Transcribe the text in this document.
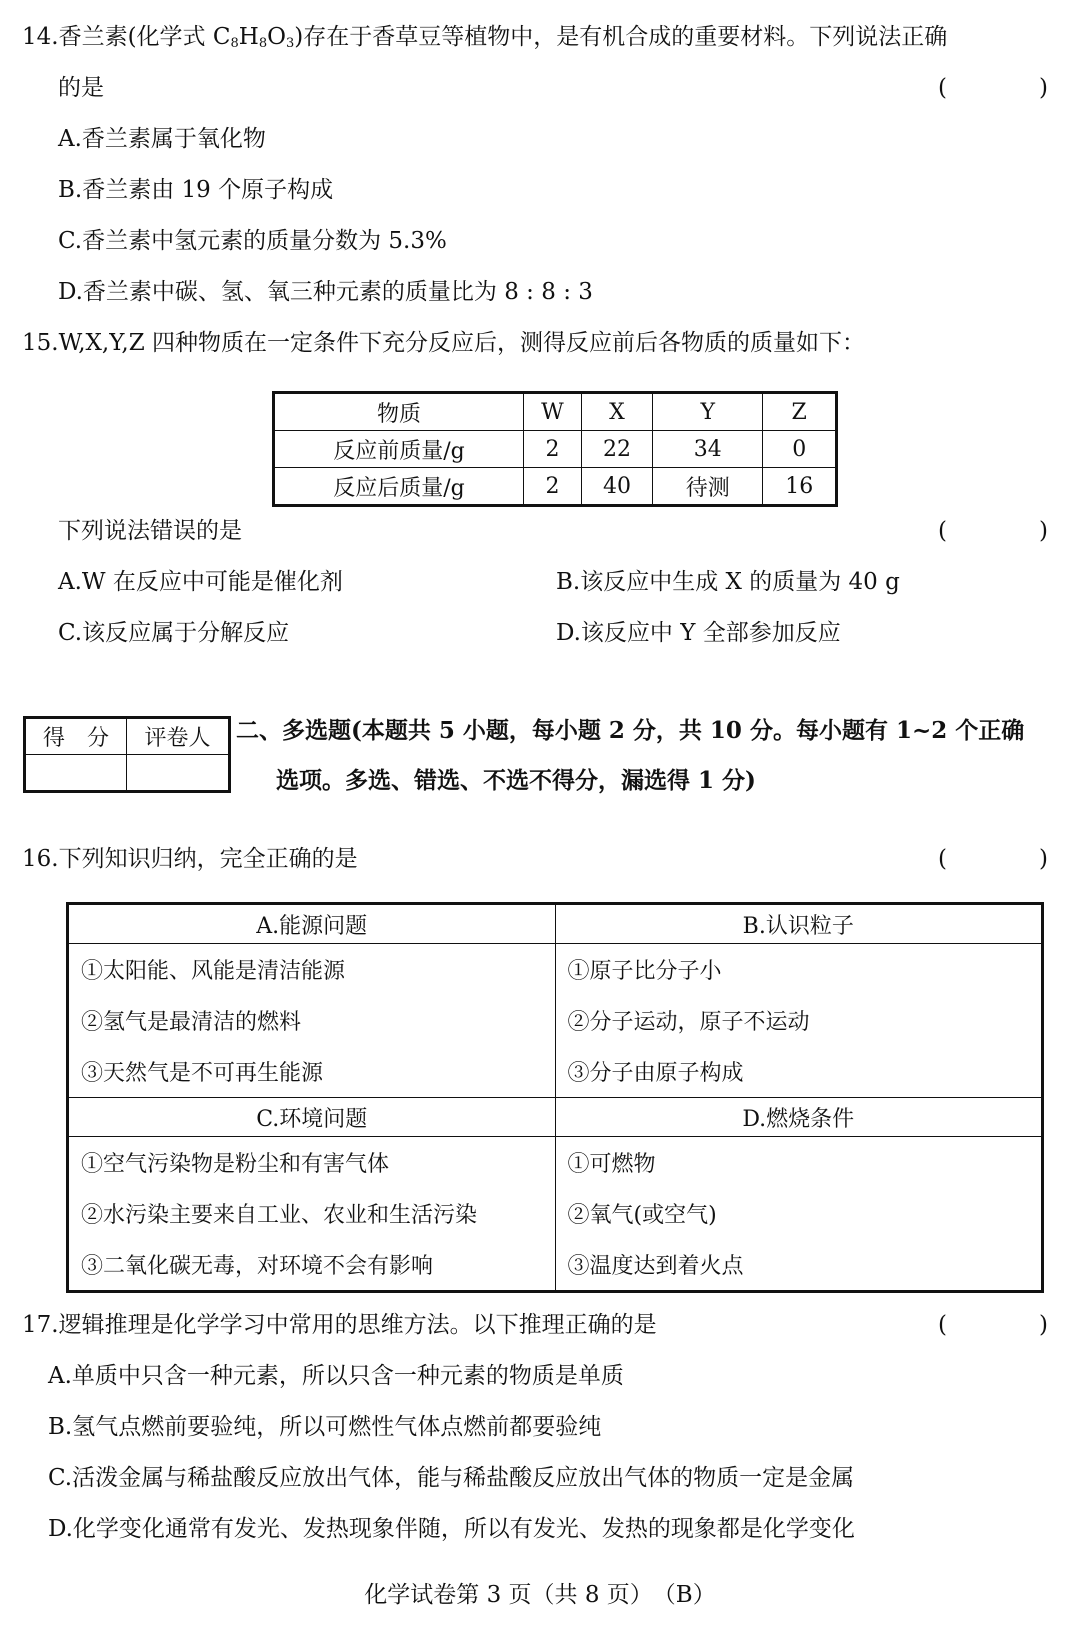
14.香兰素(化学式 $C_8H_8O_3$)存在于香草豆等植物中，是有机合成的重要材料。下列说法正确
的是	(	)
A.香兰素属于氧化物
B.香兰素由 19 个原子构成
C.香兰素中氢元素的质量分数为 5.3%
D.香兰素中碳、氢、氧三种元素的质量比为 8 : 8 : 3
15.W,X,Y,Z 四种物质在一定条件下充分反应后，测得反应前后各物质的质量如下：
物质	W	X	Y	Z
反应前质量/g	2	22	34	0
反应后质量/g	2	40	待测	16
下列说法错误的是	(	)
A.W 在反应中可能是催化剂	B.该反应中生成 X 的质量为 40 g
C.该反应属于分解反应	D.该反应中 Y 全部参加反应
得　分	评卷人
	二、多选题(本题共 5 小题，每小题 2 分，共 10 分。每小题有 1~2 个正确
选项。多选、错选、不选不得分，漏选得 1 分)
16.下列知识归纳，完全正确的是	(	)
A.能源问题	B.认识粒子
①太阳能、风能是清洁能源	①原子比分子小
②氢气是最清洁的燃料	②分子运动，原子不运动
③天然气是不可再生能源	③分子由原子构成
C.环境问题	D.燃烧条件
①空气污染物是粉尘和有害气体	①可燃物
②水污染主要来自工业、农业和生活污染	②氧气(或空气)
③二氧化碳无毒，对环境不会有影响	③温度达到着火点
17.逻辑推理是化学学习中常用的思维方法。以下推理正确的是	(	)
A.单质中只含一种元素，所以只含一种元素的物质是单质
B.氢气点燃前要验纯，所以可燃性气体点燃前都要验纯
C.活泼金属与稀盐酸反应放出气体，能与稀盐酸反应放出气体的物质一定是金属
D.化学变化通常有发光、发热现象伴随，所以有发光、发热的现象都是化学变化
化学试卷第 3 页（共 8 页）　（B）
